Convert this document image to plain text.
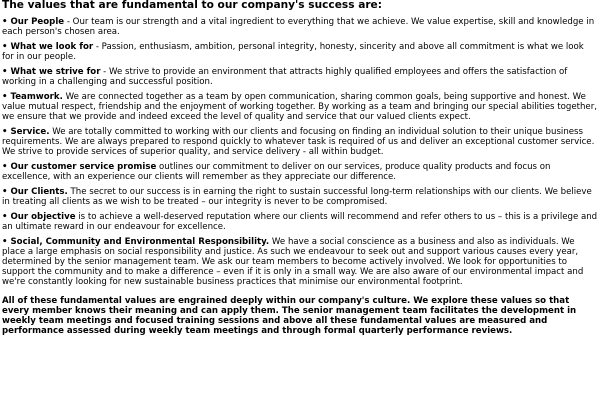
The values that are fundamental to our company's success are:

• Our People - Our team is our strength and a vital ingredient to everything that we achieve. We value expertise, skill and knowledge in each person's chosen area.

• What we look for - Passion, enthusiasm, ambition, personal integrity, honesty, sincerity and above all commitment is what we look for in our people.

• What we strive for - We strive to provide an environment that attracts highly qualified employees and offers the satisfaction of working in a challenging and successful position.

• Teamwork. We are connected together as a team by open communication, sharing common goals, being supportive and honest. We value mutual respect, friendship and the enjoyment of working together. By working as a team and bringing our special abilities together, we ensure that we provide and indeed exceed the level of quality and service that our valued clients expect.

• Service. We are totally committed to working with our clients and focusing on finding an individual solution to their unique business requirements. We are always prepared to respond quickly to whatever task is required of us and deliver an exceptional customer service. We strive to provide services of superior quality, and service delivery - all within budget.

• Our customer service promise outlines our commitment to deliver on our services, produce quality products and focus on excellence, with an experience our clients will remember as they appreciate our difference.

• Our Clients. The secret to our success is in earning the right to sustain successful long-term relationships with our clients. We believe in treating all clients as we wish to be treated – our integrity is never to be compromised.

• Our objective is to achieve a well-deserved reputation where our clients will recommend and refer others to us – this is a privilege and an ultimate reward in our endeavour for excellence.

• Social, Community and Environmental Responsibility. We have a social conscience as a business and also as individuals. We place a large emphasis on social responsibility and justice. As such we endeavour to seek out and support various causes every year, determined by the senior management team. We ask our team members to become actively involved. We look for opportunities to support the community and to make a difference – even if it is only in a small way. We are also aware of our environmental impact and we're constantly looking for new sustainable business practices that minimise our environmental footprint.

All of these fundamental values are engrained deeply within our company's culture. We explore these values so that every member knows their meaning and can apply them. The senior management team facilitates the development in weekly team meetings and focused training sessions and above all these fundamental values are measured and performance assessed during weekly team meetings and through formal quarterly performance reviews.
